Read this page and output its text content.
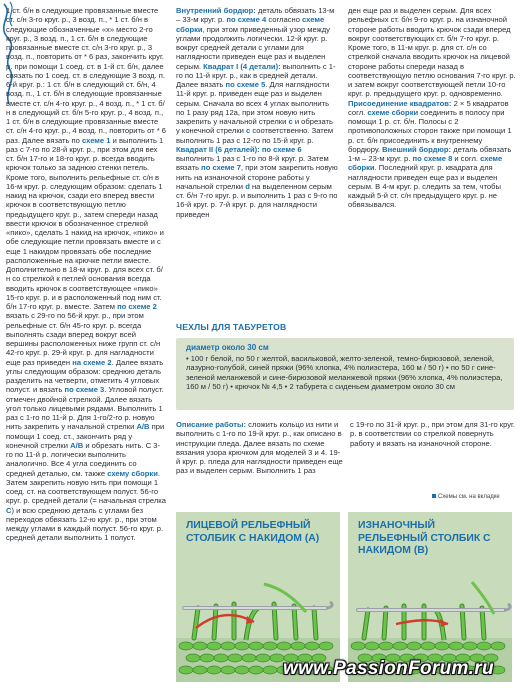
1 ст. б/н в следующие провязанные вместе ст. с/н 3-го круг. р., 3 возд. п., * 1 ст. б/н в следующие обозначенные «х» место 2-го круг. р., 3 возд. п., 1 ст. б/н в следующие провязанные вместе ст. с/н 3-го круг. р., 3 возд. п., повторить от * 6 раз, закончить круг. р. при помощи 1 соед. ст. в 1-й ст. б/н, далее связать по 1 соед. ст. в следующие 3 возд. п. 6-й круг. р.: 1 ст. б/н в следующий ст. б/н, 4 возд. п., 1 ст. б/н в следующие провязанные вместе ст. с/н 4-го круг. р., 4 возд. п., * 1 ст. б/н в следующий ст. б/н 5-го круг. р., 4 возд. п., 1 ст. б/н в следующие провязанные вместе ст. с/н 4-го круг. р., 4 возд. п., повторить от * 6 раз. Далее вязать по схеме 1 и выполнить 1 раз с 7-го по 28-й круг. р., при этом для вех ст. б/н 17-го и 18-го круг. р. всегда вводить крючок только за заднюю стенки петель. Кроме того, выполнить рельефные ст. с/н в 16-м круг. р. следующим образом: сделать 1 накид на крючок, сзади его вперед ввести крючок в соответствующую петлю предыдущего круг. р., затем спереди назад ввести крючок в обозначенное стрелкой «пико», сделать 1 накид на крючок, «пико» и обе следующие петли провязать вместе и с еще 1 накидом провязать обе последние расположенные на крючке петли вместе. Дополнительно в 18-м круг. р. для всех ст. б/н со стрелкой к петлей основания всегда вводить крючок в соответствующее «пико» 15-го круг. р. и в расположенный под ним ст. б/н 17-го круг. р. вместе. Затем по схеме 2 вязать с 29-го по 56-й круг. р., при этом рельефные ст. б/н 45-го круг. р. всегда выполнять сзади вперед вокруг всей вершины расположенных ниже групп ст. с/н 42-го круг. р. 29-й круг. р. для нагладности еще раз приведен на схеме 2. Далее вязать углы следующим образом: среднюю деталь разделить на четверти, отметить 4 угловых полуст. и вязать по схеме 3. Угловой полуст. отмечен двойной стрелкой. Далее вязать угол только лицевыми рядами. Выполнить 1 раз с 1-го по 11-й р. Для 1-го/2-го р. новую нить закрепить у начальной стрелки А/В при помощи 1 соед. ст., закончить ряд у конечной стрелки А/В и обрезать нить. С 3-го по 11-й р. логически выполнить аналогично. Все 4 угла соединить со средней деталью, см. также схему сборки. Затем закрепить новую нить при помощи 1 соед. ст. на соответствующем полуст. 56-го круг. р. средней детали (= начальная стрелка С) и всю среднюю деталь с углами без переходов обвязать 12-ю круг. р., при этом между углами в каждый полуст. 56-го круг. р. средней детали выполнить 1 полуст.

Внутренний бордюр: деталь обвязать 13-м – 33-м круг. р. по схеме 4 согласно схеме сборки, при этом приведенный узор между углами продолжить логически. 12-й круг. р. вокруг средней детали с углами для наглядности приведен еще раз и выделен серым. Квадрат I (4 детали): выполнить с 1-го по 11-й круг. р., как в средней детали. Далее вязать по схеме 5. Для наглядности 11-й круг. р. приведен еще раз и выделен серым. Сначала во всех 4 углах выполнить по 1 разу ряд 12а, при этом новую нить закрепить у начальной стрелки с и обрезать у конечной стрелки с соответственно. Затем выполнить 1 раз с 12-го по 15-й круг. р. Квадрат II (6 деталей): по схеме 6 выполнить 1 раз с 1-го по 8-й круг. р. Затем вязать по схеме 7, при этом закрепить новую нить на изнаночной стороне работы у начальной стрелки d на выделенном серым ст. б/н 7-го круг. р. и выполнить 1 раз с 9-го по 16-й круг. р. 7-й круг. р. для наглядности приведен

ден еще раз и выделен серым. Для всех рельефных ст. б/н 9-го круг. р. на изнаночной стороне работы вводить крючок сзади вперед вокруг соответствующих ст. б/н 7-го круг. р. Кроме того, в 11-м круг. р. для ст. с/н со стрелкой сначала вводить крючок на лицевой стороне работы спереди назад в соответствующую петлю основания 7-го круг. р. и затем вокруг соответствующей петли 10-го круг. р. предыдущего круг. р. одновременно. Присоединение квадратов: 2 × 5 квадратов согл. схеме сборки соединить в полосу при помощи 1 р. ст. б/н. Полосы с 2 противоположных сторон также при помощи 1 р. ст. б/н присоединить к внутреннему бордюру. Внешний бордюр: деталь обвязать 1-м – 23-м круг. р. по схеме 8 и согл. схеме сборки. Последний круг. р. квадрата для наглядности приведен еще раз и выделен серым. В 4-м круг. р. следить за тем, чтобы каждый 5-й ст. с/н предыдущего круг. р. не обвязывался.

ЧЕХЛЫ ДЛЯ ТАБУРЕТОВ
диаметр около 30 см
• 100 г белой, по 50 г желтой, васильковой, желто-зеленой, темно-бирюзовой, зеленой, лазурно-голубой, синей пряжи (96% хлопка, 4% полиэстера, 160 м / 50 г) • по 50 г сине-зеленой меланжевой и сине-бирюзовой меланжевой пряжи (96% хлопка, 4% полиэстера, 160 м / 50 г) • крючок № 4,5 • 2 табурета с сиденьем диаметром около 30 см

Описание работы: сложить кольцо из нити и выполнить с 1-го по 19-й круг. р., как описано в инструкции пледа. Далее вязать по схеме вязания узора крючком для моделей 3 и 4. 19-й круг. р. пледа для наглядности приведен еще раз и выделен серым. Выполнить 1 раз

с 19-го по 31-й круг. р., при этом для 31-го круг. р. в соответствии со стрелкой повернуть работу и вязать на изнаночной стороне.

Схемы см. на вкладке
ЛИЦЕВОЙ РЕЛЬЕФНЫЙ СТОЛБИК С НАКИДОМ (А)
ИЗНАНОЧНЫЙ РЕЛЬЕФНЫЙ СТОЛБИК С НАКИДОМ (В)
www.PassionForum.ru
